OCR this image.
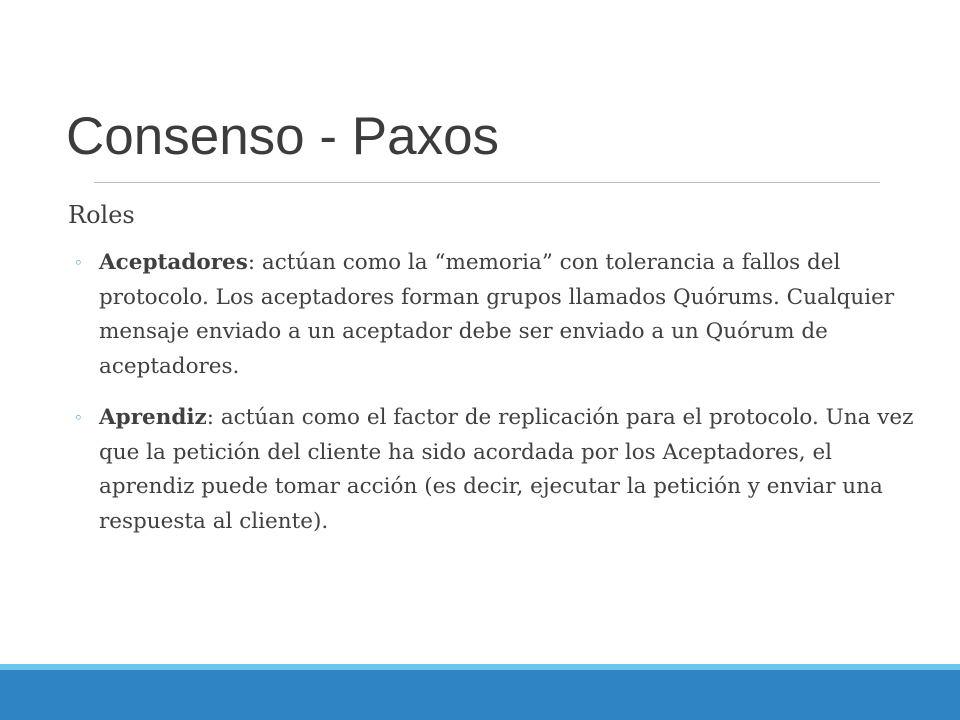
Consenso - Paxos
Roles
◦ Aceptadores: actúan como la “memoria” con tolerancia a fallos del protocolo. Los aceptadores forman grupos llamados Quórums. Cualquier mensaje enviado a un aceptador debe ser enviado a un Quórum de aceptadores.
◦ Aprendiz: actúan como el factor de replicación para el protocolo. Una vez que la petición del cliente ha sido acordada por los Aceptadores, el aprendiz puede tomar acción (es decir, ejecutar la petición y enviar una respuesta al cliente).
